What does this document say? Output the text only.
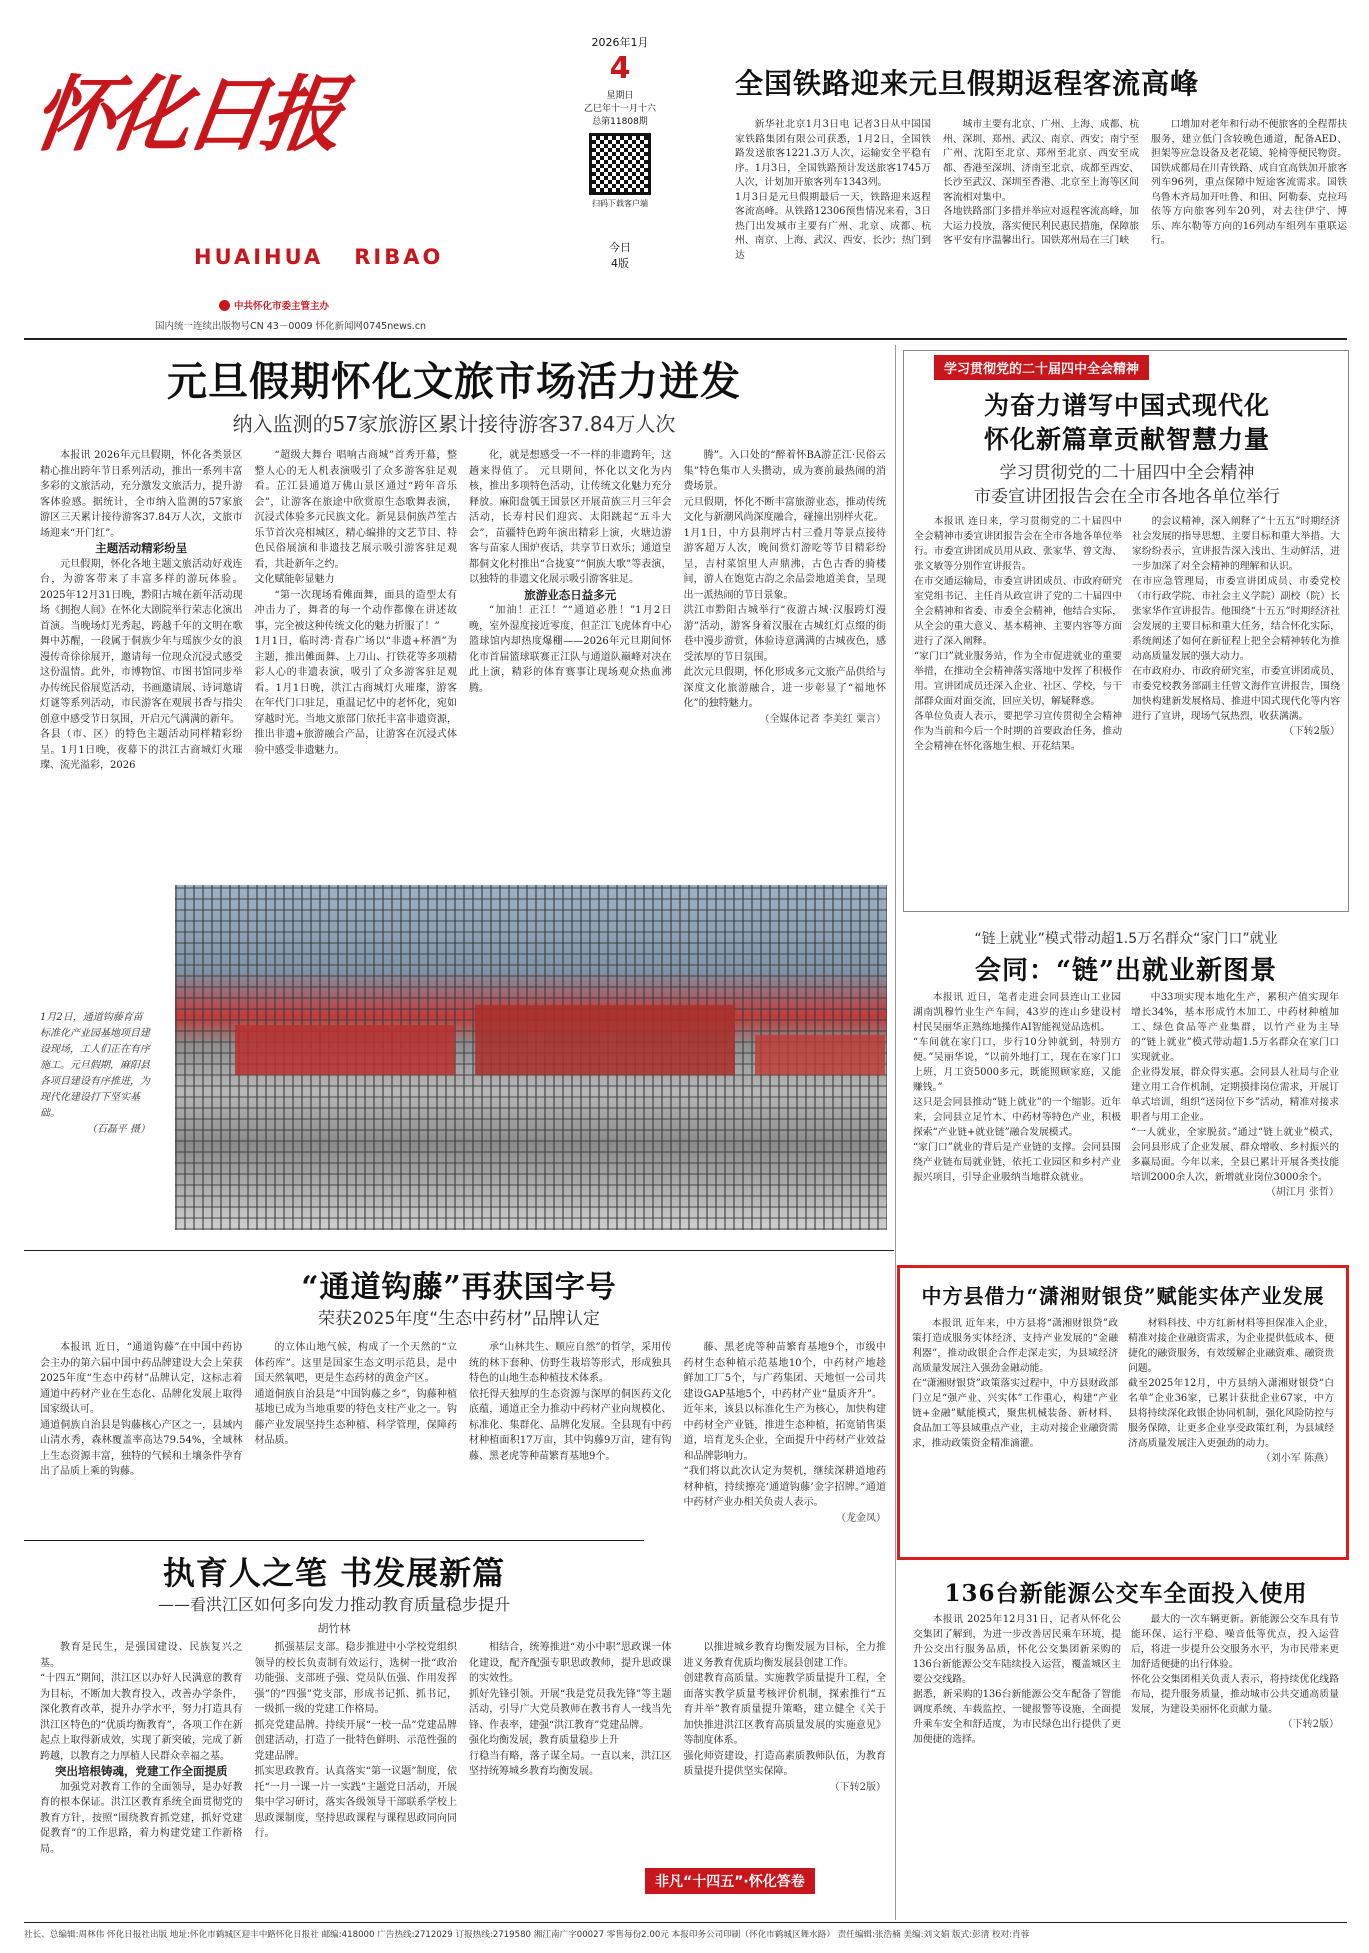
怀化日报
HUAIHUA   RIBAO
中共怀化市委主管主办
国内统一连续出版物号CN 43－0009 怀化新闻网0745news.cn
2026年1月
4
星期日
乙巳年十一月十六
总第11808期
扫码下载客户端
今日
4版
全国铁路迎来元旦假期返程客流高峰
新华社北京1月3日电 记者3日从中国国家铁路集团有限公司获悉，1月2日，全国铁路发送旅客1221.3万人次，运输安全平稳有序。1月3日，全国铁路预计发送旅客1745万人次，计划加开旅客列车1343列。
1月3日是元旦假期最后一天，铁路迎来返程客流高峰。从铁路12306预售情况来看，3日热门出发城市主要有广州、北京、成都、杭州、南京、上海、武汉、西安、长沙；热门到达
城市主要有北京、广州、上海、成都、杭州、深圳、郑州、武汉、南京、西安；南宁至广州、沈阳至北京、郑州至北京、西安至成都、香港至深圳、济南至北京、成都至西安、长沙至武汉、深圳至香港、北京至上海等区间客流相对集中。
各地铁路部门多措并举应对返程客流高峰，加大运力投放，落实便民利民惠民措施，保障旅客平安有序温馨出行。国铁郑州局在三门峡
口增加对老年和行动不便旅客的全程帮扶服务，建立低门含较晚色通道，配备AED、担架等应急设备及老花镜、轮椅等便民物资。国铁成都局在川青铁路、成自宜高铁加开旅客列车96列，重点保障中短途客流需求。国铁乌鲁木齐局加开吐鲁、和田、阿勒泰、克拉玛依等方向旅客列车20列，对去往伊宁、博乐、库尔勒等方向的16列动车组列车重联运行。
元旦假期怀化文旅市场活力迸发
纳入监测的57家旅游区累计接待游客37.84万人次

本报讯 2026年元旦假期，怀化各类景区精心推出跨年节日系列活动，推出一系列丰富多彩的文旅活动，充分激发文旅活力，提升游客体验感。据统计，全市纳入监测的57家旅游区三天累计接待游客37.84万人次，文旅市场迎来“开门红”。

主题活动精彩纷呈

元旦假期，怀化各地主题文旅活动好戏连台，为游客带来了丰富多样的游玩体验。2025年12月31日晚，黔阳古城在新年活动现场《拥抱人间》在怀化大剧院举行荣志化演出首演。当晚场灯光秀起，跨越千年的文明在歌舞中苏醒，一段属于侗族少年与瑶族少女的浪漫传奇徐徐展开，邀请每一位现众沉浸式感受这份温情。此外，市博物馆、市图书馆同步举办传统民俗展览活动，书画邀请展、诗词邀请灯谜等系列活动，市民游客在观展书香与指尖创意中感受节日氛围，开启元气满满的新年。
各县（市、区）的特色主题活动同样精彩纷呈。1月1日晚，夜幕下的洪江古商城灯火璀璨、流光溢彩，2026

“超级大舞台 唱响古商城”首秀开幕，整整人心的无人机表演吸引了众多游客驻足观看。芷江县通道万佛山景区通过“跨年音乐会”，让游客在旅途中欣赏原生态歌舞表演，沉浸式体验多元民族文化。新晃县侗族芦笙古乐节首次亮相城区，精心编排的文艺节目、特色民俗展演和非遗技艺展示吸引游客驻足观看，共赴新年之约。
文化赋能彰显魅力

“第一次现场看傩面舞，面具的造型太有冲击力了，舞者的每一个动作都像在讲述故事，完全被这种传统文化的魅力折服了！”
1月1日，临时湾·青春广场以“非遗+杯酒”为主题，推出傩面舞、上刀山、打铁花等多项精彩人心的非遗表演，吸引了众多游客驻足观看。1月1日晚，洪江古商城灯火璀璨，游客在年代门口驻足，重温记忆中的老怀化，宛如穿越时光。当地文旅部门依托丰富非遗资源，推出非遗+旅游融合产品，让游客在沉浸式体验中感受非遗魅力。

化，就是想感受一不一样的非遗跨年，这趟来得值了。 元旦期间，怀化以文化为内核，推出多项特色活动，让传统文化魅力充分释放。麻阳盘瓠王国景区开展苗族三月三年会活动，长寿村民们迎宾、太阳跳起“五斗大会”，苗疆特色跨年演出精彩上演，火塘边游客与苗家人围炉夜话，共享节日欢乐；通道皇都侗文化村推出“合拢宴”“侗族大歌”等表演，以独特的非遗文化展示吸引游客驻足。

旅游业态日益多元

“加油！正江！”“通道必胜！”1月2日晚，室外湿度接近零度，但芷江飞虎体育中心篮球馆内却热度爆棚——2026年元旦期间怀化市首届篮球联赛正江队与通道队巅峰对决在此上演，精彩的体育赛事让现场观众热血沸腾。

腾”。入口处的“醉着怀BA游芷江·民俗云集”特色集市人头攒动，成为赛前最热闹的消费场景。
元旦假期，怀化不断丰富旅游业态，推动传统文化与新潮风尚深度融合，碰撞出别样火花。
1月1日，中方县荆坪古村三叠月等景点接待游客超万人次，晚间赏灯游吃等节目精彩纷呈，吉村菜馆里人声鼎沸，古色古香的骑楼间，游人在饱览古韵之余品尝地道美食，呈现出一派热闹的节日景象。
洪江市黔阳古城举行“夜游古城·汉服跨灯漫游”活动，游客身着汉服在古城红灯点缀的街巷中漫步游赏，体验诗意满满的古城夜色，感受浓厚的节日氛围。
此次元旦假期，怀化形成多元文旅产品供给与深度文化旅游融合，进一步彰显了“福地怀化”的独特魅力。

（全媒体记者 李美红 粟言）

1月2日，通道钩藤育苗标准化产业园基地项目建设现场，工人们正在有序施工。元旦假期，麻阳县各项目建设有序推进，为现代化建设打下坚实基础。
（石磊平 摄）
“通道钩藤”再获国字号
荣获2025年度“生态中药材”品牌认定
本报讯 近日，“通道钩藤”在中国中药协会主办的第六届中国中药品牌建设大会上荣获2025年度“生态中药材”品牌认定，这标志着通道中药材产业在生态化、品牌化发展上取得国家级认可。
通道侗族自治县是钩藤核心产区之一，县域内山清水秀，森林覆盖率高达79.54%，全域林上生态资源丰富，独特的气候和土壤条件孕育出了品质上乘的钩藤。
的立体山地气候，构成了一个天然的“立体药库”。这里是国家生态文明示范县，是中国天然氧吧，更是生态药材的黄金产区。
通道侗族自治县是“中国钩藤之乡”，钩藤种植基地已成为当地重要的特色支柱产业之一。钩藤产业发展坚持生态种植、科学管理，保障药材品质。
承“山林共生、顺应自然”的哲学，采用传统的林下套种、仿野生栽培等形式，形成独具特色的山地生态种植技术体系。
依托得天独厚的生态资源与深厚的侗医药文化底蕴，通道正全力推动中药材产业向规模化、标准化、集群化、品牌化发展。全县现有中药材种植面积17万亩，其中钩藤9万亩，建有钩藤、黑老虎等种苗繁育基地9个。

藤、黑老虎等种苗繁育基地9个，市级中药材生态种植示范基地10个，中药材产地趁鲜加工厂5个，与广药集团、天地恒一公司共建设GAP基地5个，中药材产业“量质齐升”。
近年来，该县以标准化生产为核心，加快构建中药材全产业链，推进生态种植，拓宽销售渠道，培育龙头企业，全面提升中药材产业效益和品牌影响力。
“我们将以此次认定为契机，继续深耕道地药材种植，持续擦亮‘通道钩藤’金字招牌。”通道中药材产业办相关负责人表示。

（龙金凤）

执育人之笔 书发展新篇
——看洪江区如何多向发力推动教育质量稳步提升
胡竹林

教育是民生，是强国建设、民族复兴之基。
“十四五”期间，洪江区以办好人民满意的教育为目标，不断加大教育投入，改善办学条件，深化教育改革，提升办学水平，努力打造具有洪江区特色的“优质均衡教育”，各项工作在新起点上取得新成效，实现了新突破，完成了新跨越，以教育之力厚植人民群众幸福之基。

突出培根铸魂，党建工作全面提质

加强党对教育工作的全面领导，是办好教育的根本保证。洪江区教育系统全面贯彻党的教育方针，按照“围绕教育抓党建，抓好党建促教育”的工作思路，着力构建党建工作新格局。

抓强基层支部。稳步推进中小学校党组织领导的校长负责制有效运行，选树一批“政治功能强、支部班子强、党员队伍强、作用发挥强”的“四强”党支部，形成书记抓、抓书记，一级抓一级的党建工作格局。
抓亮党建品牌。持续开展“一校一品”党建品牌创建活动，打造了一批特色鲜明、示范性强的党建品牌。
抓实思政教育。认真落实“第一议题”制度，依托“一月一课一片一实践”主题党日活动，开展集中学习研讨，落实各级领导干部联系学校上思政课制度，坚持思政课程与课程思政同向同行。
相结合，统筹推进“劝小中职”思政课一体化建设，配齐配强专职思政教师，提升思政课的实效性。
抓好先锋引领。开展“我是党员我先锋”等主题活动，引导广大党员教师在教书育人一线当先锋、作表率，建强“洪江教育”党建品牌。
强化均衡发展，教育质量稳步上升
行稳当有略，落子谋全局。一直以来，洪江区坚持统筹城乡教育均衡发展。

以推进城乡教育均衡发展为目标，全力推进义务教育优质均衡发展县创建工作。
创建教育高质量。实施教学质量提升工程，全面落实教学质量考核评价机制，探索推行“五育并举”教育质量提升策略，建立健全《关于加快推进洪江区教育高质量发展的实施意见》等制度体系。
强化师资建设，打造高素质教师队伍，为教育质量提升提供坚实保障。

（下转2版）

非凡“十四五”·怀化答卷
学习贯彻党的二十届四中全会精神
为奋力谱写中国式现代化
怀化新篇章贡献智慧力量
学习贯彻党的二十届四中全会精神
市委宣讲团报告会在全市各地各单位举行
本报讯 连日来，学习贯彻党的二十届四中全会精神市委宣讲团报告会在全市各地各单位举行。市委宣讲团成员用从政、张家华、曾文海、张文敏等分别作宣讲报告。
在市交通运输局，市委宣讲团成员、市政府研究室党组书记、主任肖从政宣讲了党的二十届四中全会精神和省委、市委全会精神，他结合实际，从全会的重大意义、基本精神、主要内容等方面进行了深入阐释。
“家门口”就业服务站，作为全市促进就业的重要举措，在推动全会精神落实落地中发挥了积极作用。宣讲团成员还深入企业、社区、学校，与干部群众面对面交流，回应关切，解疑释惑。
各单位负责人表示，要把学习宣传贯彻全会精神作为当前和今后一个时期的首要政治任务，推动全会精神在怀化落地生根、开花结果。

的会议精神，深入阐释了“十五五”时期经济社会发展的指导思想、主要目标和重大举措。大家纷纷表示，宣讲报告深入浅出、生动鲜活，进一步加深了对全会精神的理解和认识。
在市应急管理局，市委宣讲团成员、市委党校（市行政学院、市社会主义学院）副校（院）长张家华作宣讲报告。他围绕“十五五”时期经济社会发展的主要目标和重大任务，结合怀化实际，系统阐述了如何在新征程上把全会精神转化为推动高质量发展的强大动力。
在市政府办、市政府研究室，市委宣讲团成员、市委党校教务部副主任曾文海作宣讲报告，围绕加快构建新发展格局、推进中国式现代化等内容进行了宣讲，现场气氛热烈，收获满满。

（下转2版）

“链上就业”模式带动超1.5万名群众“家门口”就业
会同：“链”出就业新图景
本报讯 近日，笔者走进会同县连山工业园湖南凯穆竹业生产车间，43岁的连山乡建设村村民吴丽华正熟练地操作AI智能视觉品选机。
“车间就在家门口，步行10分钟就到，特别方便。”吴丽华说，“以前外地打工，现在在家门口上班，月工资5000多元，既能照顾家庭，又能赚钱。”
这只是会同县推动“链上就业”的一个缩影。近年来，会同县立足竹木、中药材等特色产业，积极探索“产业链+就业链”融合发展模式。
“家门口”就业的背后是产业链的支撑。会同县围绕产业链布局就业链，依托工业园区和乡村产业振兴项目，引导企业吸纳当地群众就业。

中33项实现本地化生产，累积产值实现年增长34%，基本形成竹木加工、中药材种植加工、绿色食品等产业集群，以竹产业为主导的“链上就业”模式带动超1.5万名群众在家门口实现就业。
企业得发展，群众得实惠。会同县人社局与企业建立用工合作机制，定期摸排岗位需求，开展订单式培训，组织“送岗位下乡”活动，精准对接求职者与用工企业。
“一人就业，全家脱贫。”通过“链上就业”模式，会同县形成了企业发展、群众增收、乡村振兴的多赢局面。今年以来，全县已累计开展各类技能培训2000余人次，新增就业岗位3000余个。

（胡江月 张哲）

中方县借力“潇湘财银贷”赋能实体产业发展
本报讯 近年来，中方县将“潇湘财银贷”政策打造成服务实体经济、支持产业发展的“金融利器”，推动政银企合作走深走实，为县域经济高质量发展注入强劲金融动能。
在“潇湘财银贷”政策落实过程中，中方县财政部门立足“强产业、兴实体”工作重心，构建“产业链+金融”赋能模式，聚焦机械装备、新材料、食品加工等县域重点产业，主动对接企业融资需求，推动政策资金精准滴灌。

材料科技、中方红新材料等担保准入企业，精准对接企业融资需求，为企业提供低成本、便捷化的融资服务，有效缓解企业融资难、融资贵问题。
截至2025年12月，中方县纳入潇湘财银贷“白名单”企业36家，已累计获批企业67家，中方县将持续深化政银企协同机制，强化风险防控与服务保障，让更多企业享受政策红利，为县域经济高质量发展注入更强劲的动力。

（刘小军 陈燕）

136台新能源公交车全面投入使用
本报讯 2025年12月31日，记者从怀化公交集团了解到，为进一步改善居民乘车环境，提升公交出行服务品质，怀化公交集团新采购的136台新能源公交车陆续投入运营，覆盖城区主要公交线路。
据悉，新采购的136台新能源公交车配备了智能调度系统、车载监控、一键报警等设施，全面提升乘车安全和舒适度，为市民绿色出行提供了更加便捷的选择。

最大的一次车辆更新。新能源公交车具有节能环保、运行平稳、噪音低等优点，投入运营后，将进一步提升公交服务水平，为市民带来更加舒适便捷的出行体验。
怀化公交集团相关负责人表示，将持续优化线路布局，提升服务质量，推动城市公共交通高质量发展，为建设美丽怀化贡献力量。

（下转2版）

社长、总编辑:周林伟 怀化日报社出版 地址:怀化市鹤城区迎丰中路怀化日报社 邮编:418000 广告热线:2712029 订报热线:2719580 湘江南广字00027 零售每份2.00元 本报印务公司印刷（怀化市鹤城区舞水路） 责任编辑:张浩楠 美编:刘文娟 版式:彭清 校对:肖蓉
